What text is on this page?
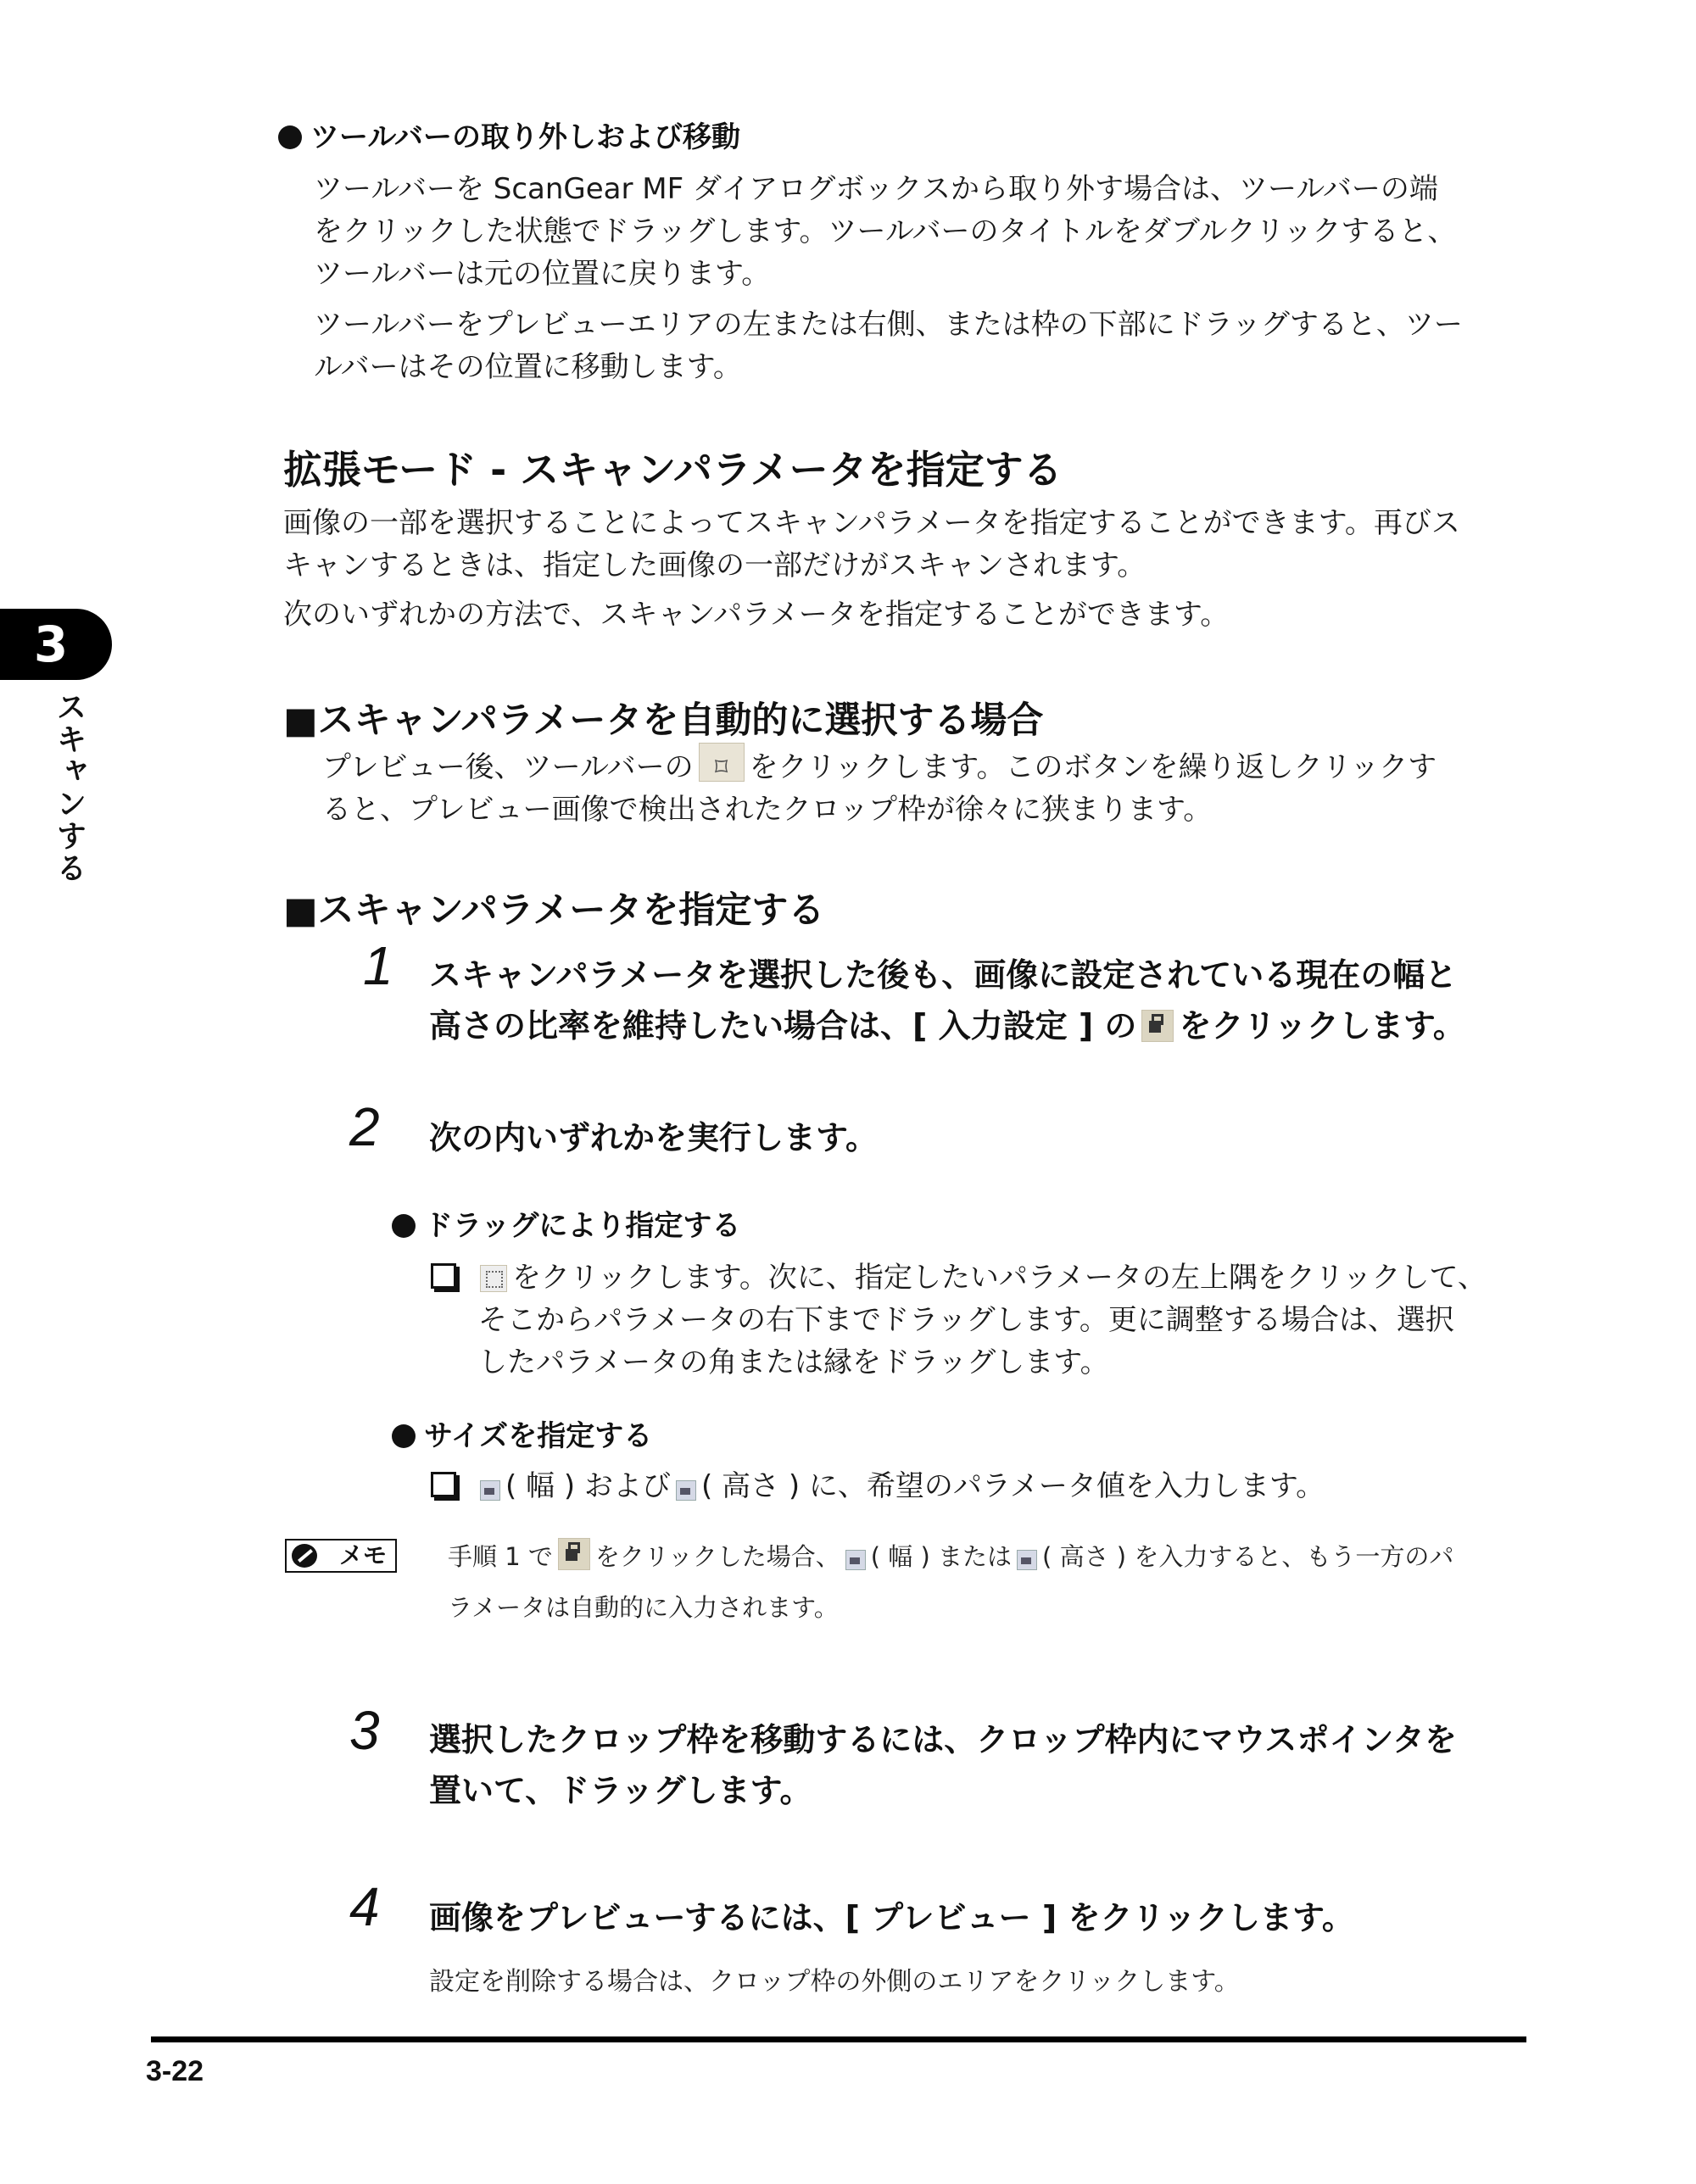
3
スキャンする
ツールバーの取り外しおよび移動
ツールバーを ScanGear MF ダイアログボックスから取り外す場合は、ツールバーの端
をクリックした状態でドラッグします。ツールバーのタイトルをダブルクリックすると、
ツールバーは元の位置に戻ります。
ツールバーをプレビューエリアの左または右側、または枠の下部にドラッグすると、ツー
ルバーはその位置に移動します。
拡張モード - スキャンパラメータを指定する
画像の一部を選択することによってスキャンパラメータを指定することができます。再びス
キャンするときは、指定した画像の一部だけがスキャンされます。
次のいずれかの方法で、スキャンパラメータを指定することができます。
■スキャンパラメータを自動的に選択する場合
プレビュー後、ツールバーの ⌑ をクリックします。このボタンを繰り返しクリックす
ると、プレビュー画像で検出されたクロップ枠が徐々に狭まります。
■スキャンパラメータを指定する
1 スキャンパラメータを選択した後も、画像に設定されている現在の幅と
高さの比率を維持したい場合は、[ 入力設定 ] の をクリックします。
2 次の内いずれかを実行します。
ドラッグにより指定する
をクリックします。次に、指定したいパラメータの左上隅をクリックして、
そこからパラメータの右下までドラッグします。更に調整する場合は、選択
したパラメータの角または縁をドラッグします。
サイズを指定する
( 幅 ) および ( 高さ ) に、希望のパラメータ値を入力します。
メモ	手順 1 で をクリックした場合、 ( 幅 ) または ( 高さ ) を入力すると、もう一方のパ
ラメータは自動的に入力されます。
3 選択したクロップ枠を移動するには、クロップ枠内にマウスポインタを
置いて、ドラッグします。
4 画像をプレビューするには、[ プレビュー ] をクリックします。
設定を削除する場合は、クロップ枠の外側のエリアをクリックします。
3-22
